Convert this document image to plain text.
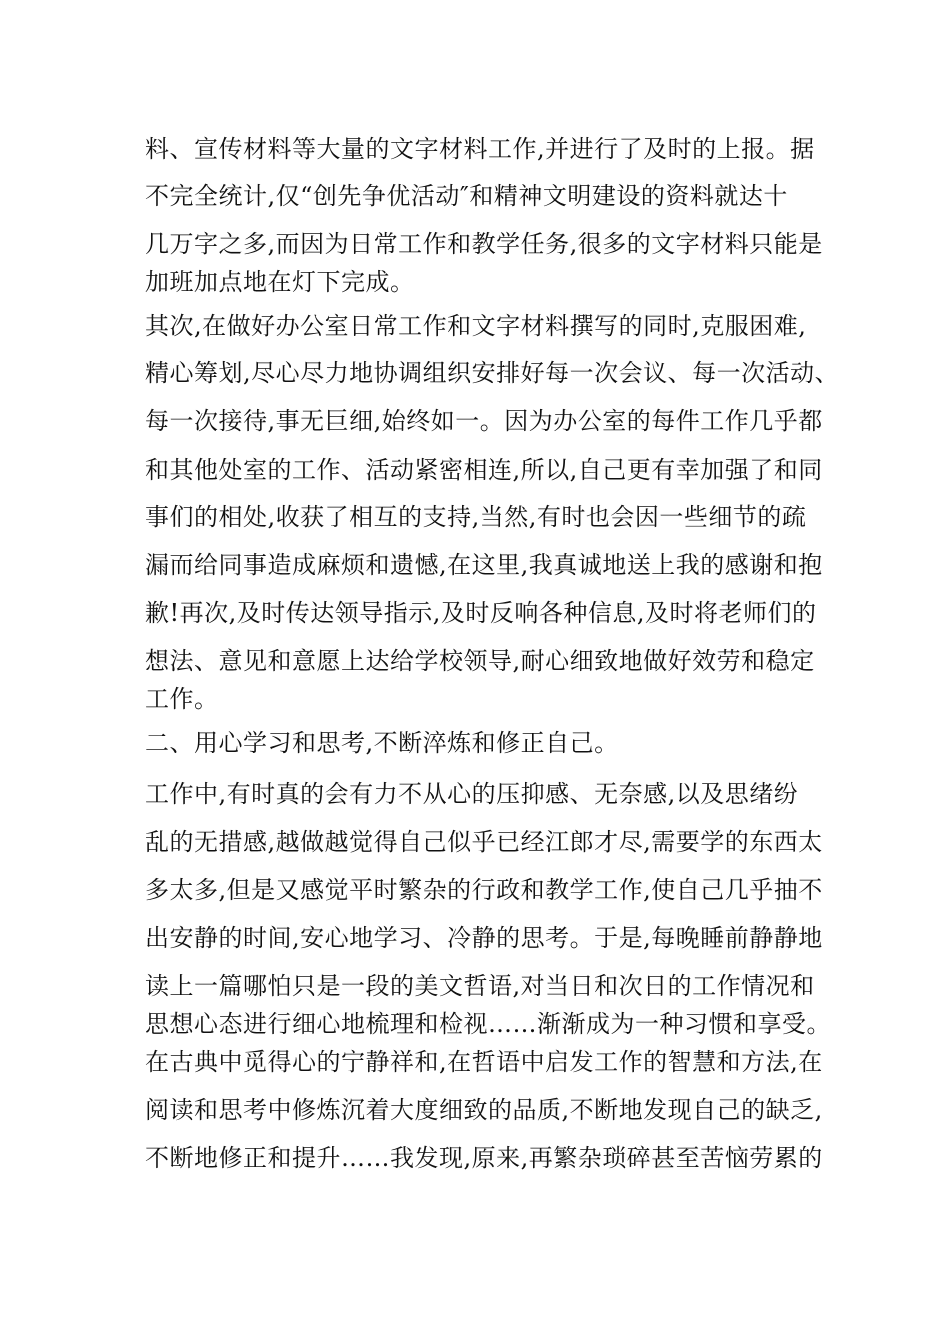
料、宣传材料等大量的文字材料工作,并进行了及时的上报。据
不完全统计,仅“创先争优活动″和精神文明建设的资料就达十
几万字之多,而因为日常工作和教学任务,很多的文字材料只能是
加班加点地在灯下完成。
其次,在做好办公室日常工作和文字材料撰写的同时,克服困难,
精心筹划,尽心尽力地协调组织安排好每一次会议、每一次活动、
每一次接待,事无巨细,始终如一。因为办公室的每件工作几乎都
和其他处室的工作、活动紧密相连,所以,自己更有幸加强了和同
事们的相处,收获了相互的支持,当然,有时也会因一些细节的疏
漏而给同事造成麻烦和遗憾,在这里,我真诚地送上我的感谢和抱
歉!再次,及时传达领导指示,及时反响各种信息,及时将老师们的
想法、意见和意愿上达给学校领导,耐心细致地做好效劳和稳定
工作。
二、用心学习和思考,不断淬炼和修正自己。
工作中,有时真的会有力不从心的压抑感、无奈感,以及思绪纷
乱的无措感,越做越觉得自己似乎已经江郎才尽,需要学的东西太
多太多,但是又感觉平时繁杂的行政和教学工作,使自己几乎抽不
出安静的时间,安心地学习、冷静的思考。于是,每晚睡前静静地
读上一篇哪怕只是一段的美文哲语,对当日和次日的工作情况和
思想心态进行细心地梳理和检视……渐渐成为一种习惯和享受。
在古典中觅得心的宁静祥和,在哲语中启发工作的智慧和方法,在
阅读和思考中修炼沉着大度细致的品质,不断地发现自己的缺乏,
不断地修正和提升……我发现,原来,再繁杂琐碎甚至苦恼劳累的
